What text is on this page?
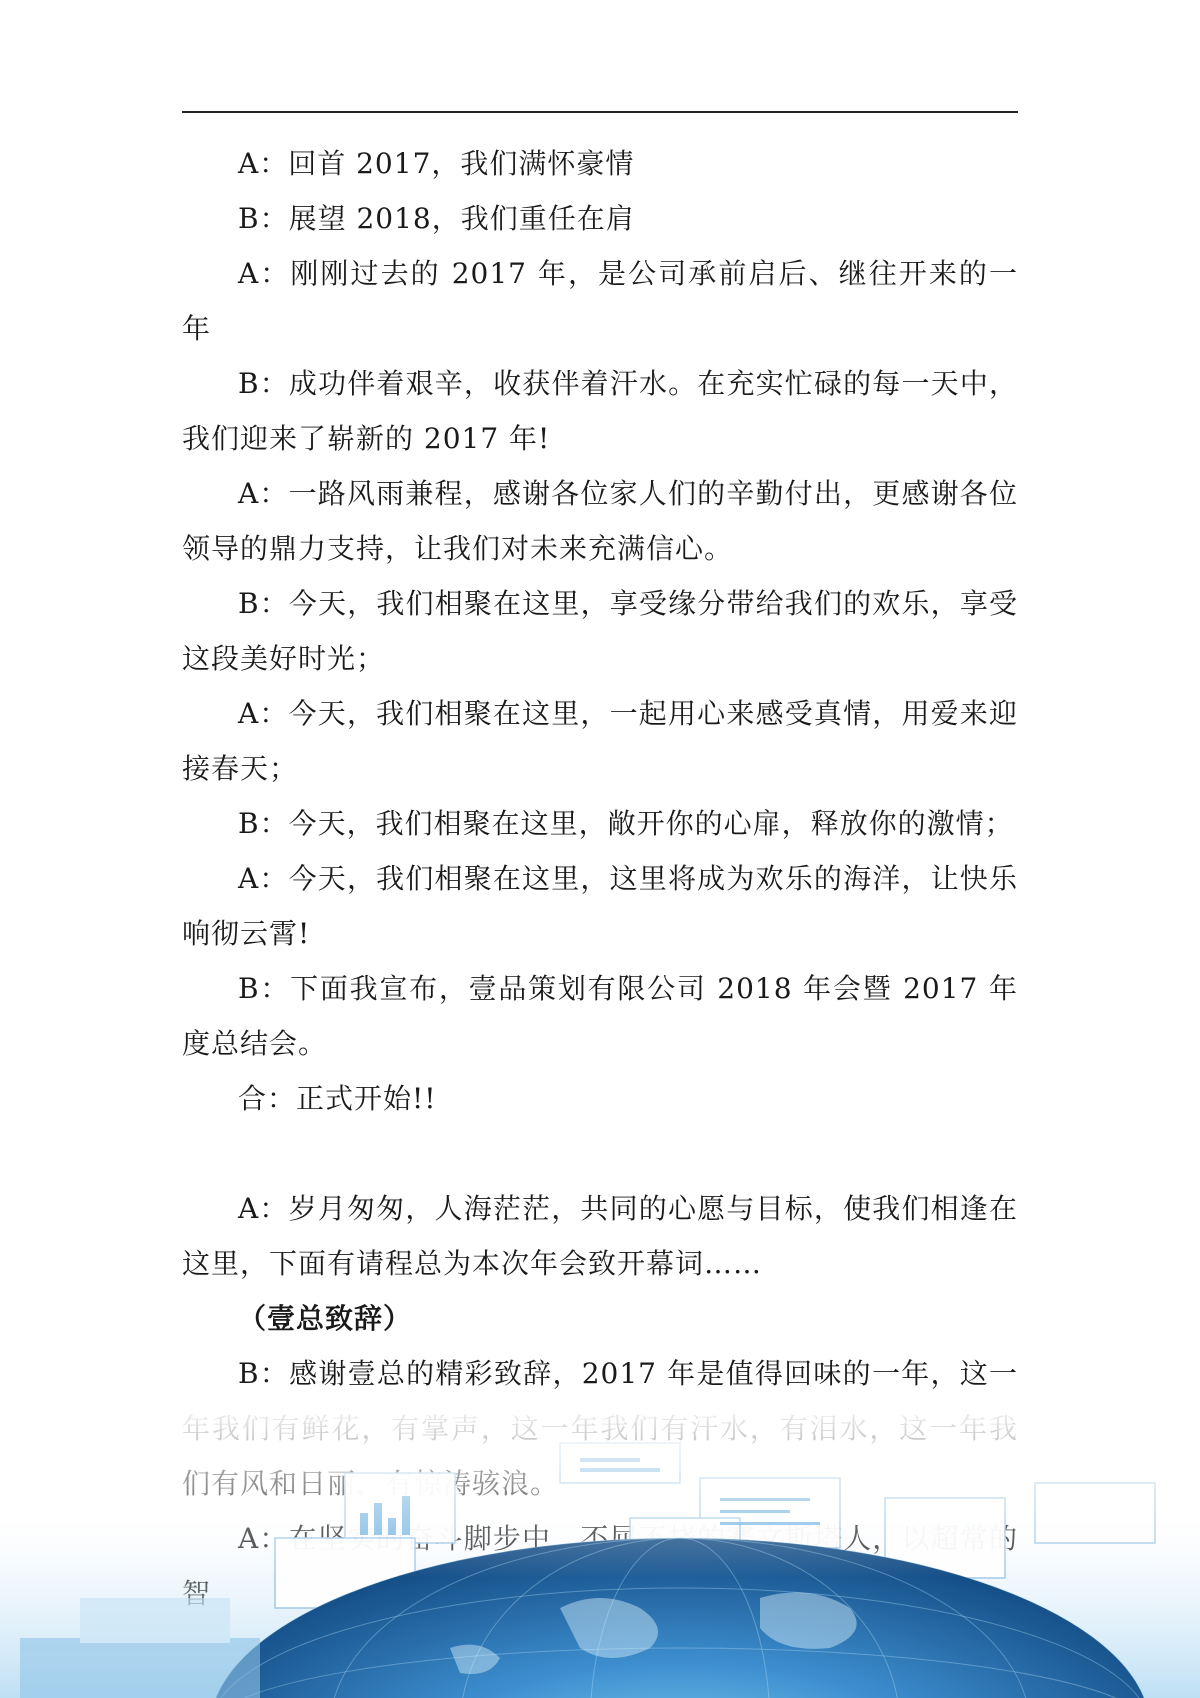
A：回首 2017，我们满怀豪情

B：展望 2018，我们重任在肩

A：刚刚过去的 2017 年，是公司承前启后、继往开来的一年

B：成功伴着艰辛，收获伴着汗水。在充实忙碌的每一天中，我们迎来了崭新的 2017 年!

A：一路风雨兼程，感谢各位家人们的辛勤付出，更感谢各位领导的鼎力支持，让我们对未来充满信心。

B：今天，我们相聚在这里，享受缘分带给我们的欢乐，享受这段美好时光；

A：今天，我们相聚在这里，一起用心来感受真情，用爱来迎接春天；

B：今天，我们相聚在这里，敞开你的心扉，释放你的激情；

A：今天，我们相聚在这里，这里将成为欢乐的海洋，让快乐响彻云霄!

B：下面我宣布，壹品策划有限公司 2018 年会暨 2017 年度总结会。

合：正式开始!!

A：岁月匆匆，人海茫茫，共同的心愿与目标，使我们相逢在这里，下面有请程总为本次年会致开幕词……

（壹总致辞）

B：感谢壹总的精彩致辞，2017 年是值得回味的一年，这一
